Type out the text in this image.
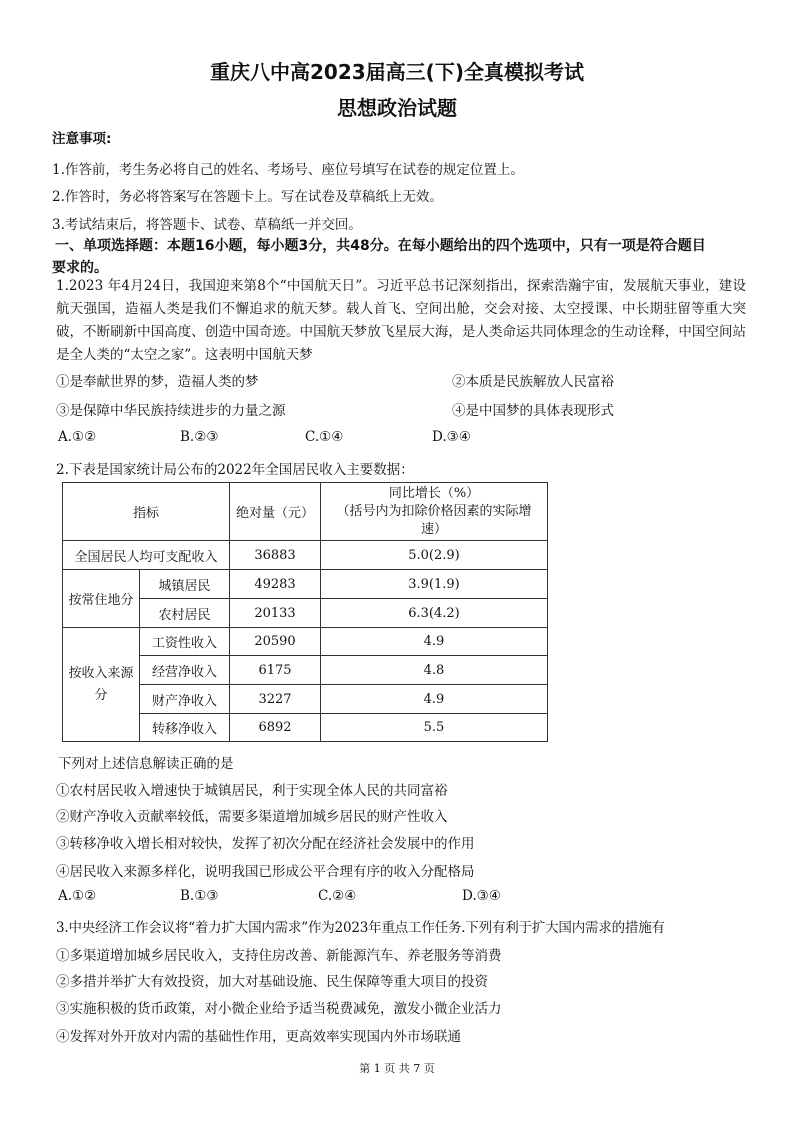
重庆八中高2023届高三(下)全真模拟考试
思想政治试题
注意事项:
1.作答前，考生务必将自己的姓名、考场号、座位号填写在试卷的规定位置上。
2.作答时，务必将答案写在答题卡上。写在试卷及草稿纸上无效。
3.考试结束后，将答题卡、试卷、草稿纸一并交回。
一、单项选择题：本题16小题，每小题3分，共48分。在每小题给出的四个选项中，只有一项是符合题目
要求的。
1.2023 年4月24日，我国迎来第8个“中国航天日”。习近平总书记深刻指出，探索浩瀚宇宙，发展航天事业，建设航天强国，造福人类是我们不懈追求的航天梦。载人首飞、空间出舱，交会对接、太空授课、中长期驻留等重大突破，不断刷新中国高度、创造中国奇迹。中国航天梦放飞星辰大海，是人类命运共同体理念的生动诠释，中国空间站是全人类的“太空之家”。这表明中国航天梦
①是奉献世界的梦，造福人类的梦	②本质是民族解放人民富裕
③是保障中华民族持续进步的力量之源	④是中国梦的具体表现形式
A.①②	B.②③	C.①④	D.③④
2.下表是国家统计局公布的2022年全国居民收入主要数据：
指标		绝对量（元）	同比增长（%）
（括号内为扣除价格因素的实际增
速）

全国居民人均可支配收入		36883	5.0(2.9)
按常住地分	城镇居民	49283	3.9(1.9)
	农村居民	20133	6.3(4.2)

按收入来源
分	工资性收入	20590	4.9
	经营净收入	6175	4.8
	财产净收入	3227	4.9
	转移净收入	6892	5.5
下列对上述信息解读正确的是
①农村居民收入增速快于城镇居民，利于实现全体人民的共同富裕
②财产净收入贡献率较低，需要多渠道增加城乡居民的财产性收入
③转移净收入增长相对较快，发挥了初次分配在经济社会发展中的作用
④居民收入来源多样化，说明我国已形成公平合理有序的收入分配格局
A.①②	B.①③	C.②④	D.③④
3.中央经济工作会议将“着力扩大国内需求”作为2023年重点工作任务.下列有利于扩大国内需求的措施有
①多渠道增加城乡居民收入，支持住房改善、新能源汽车、养老服务等消费
②多措并举扩大有效投资，加大对基础设施、民生保障等重大项目的投资
③实施积极的货币政策，对小微企业给予适当税费减免，激发小微企业活力
④发挥对外开放对内需的基础性作用，更高效率实现国内外市场联通
第 1 页 共 7 页
